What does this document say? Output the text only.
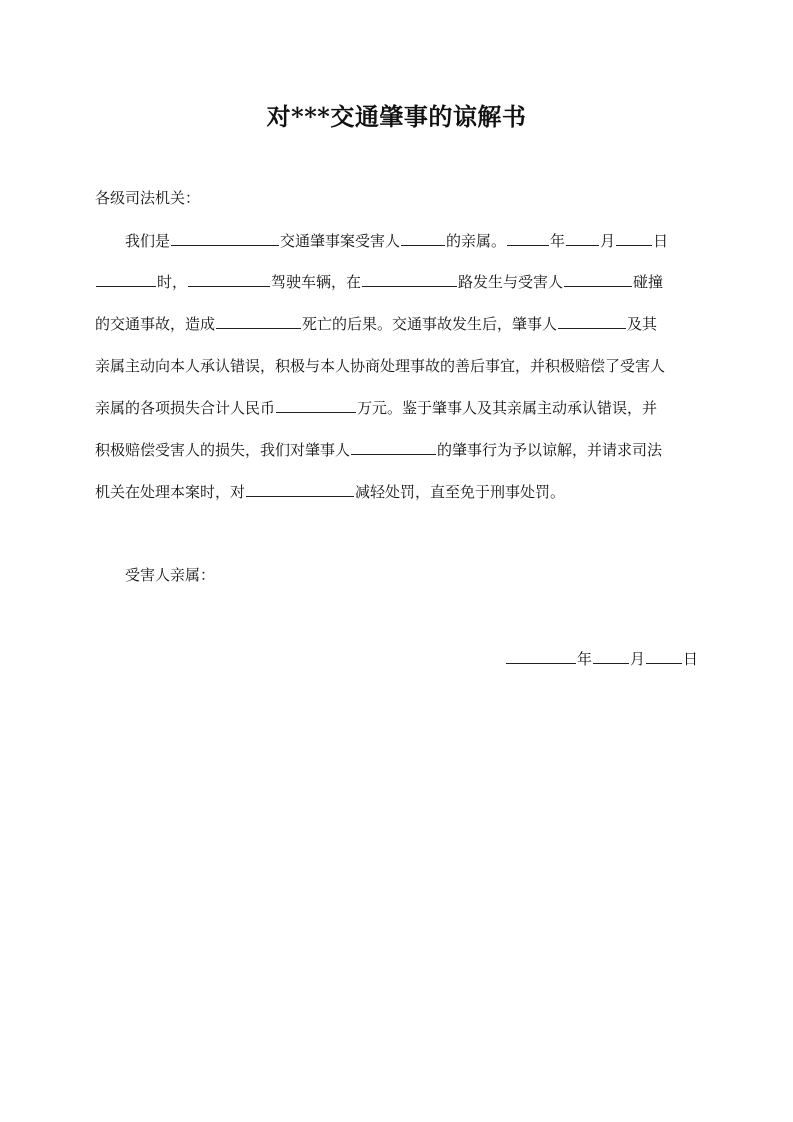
对***交通肇事的谅解书
各级司法机关：
我们是	交通肇事案受害人	的亲属。	年 月	日
时，	驾驶车辆，在	路发生与受害人	碰撞
的交通事故，造成	死亡的后果。交通事故发生后，肇事人	及其
亲属主动向本人承认错误，积极与本人协商处理事故的善后事宜，并积极赔偿了受害人
亲属的各项损失合计人民币	万元。鉴于肇事人及其亲属主动承认错误，并
积极赔偿受害人的损失，我们对肇事人	的肇事行为予以谅解，并请求司法
机关在处理本案时，对	减轻处罚，直至免于刑事处罚。
受害人亲属：
年	月	日
